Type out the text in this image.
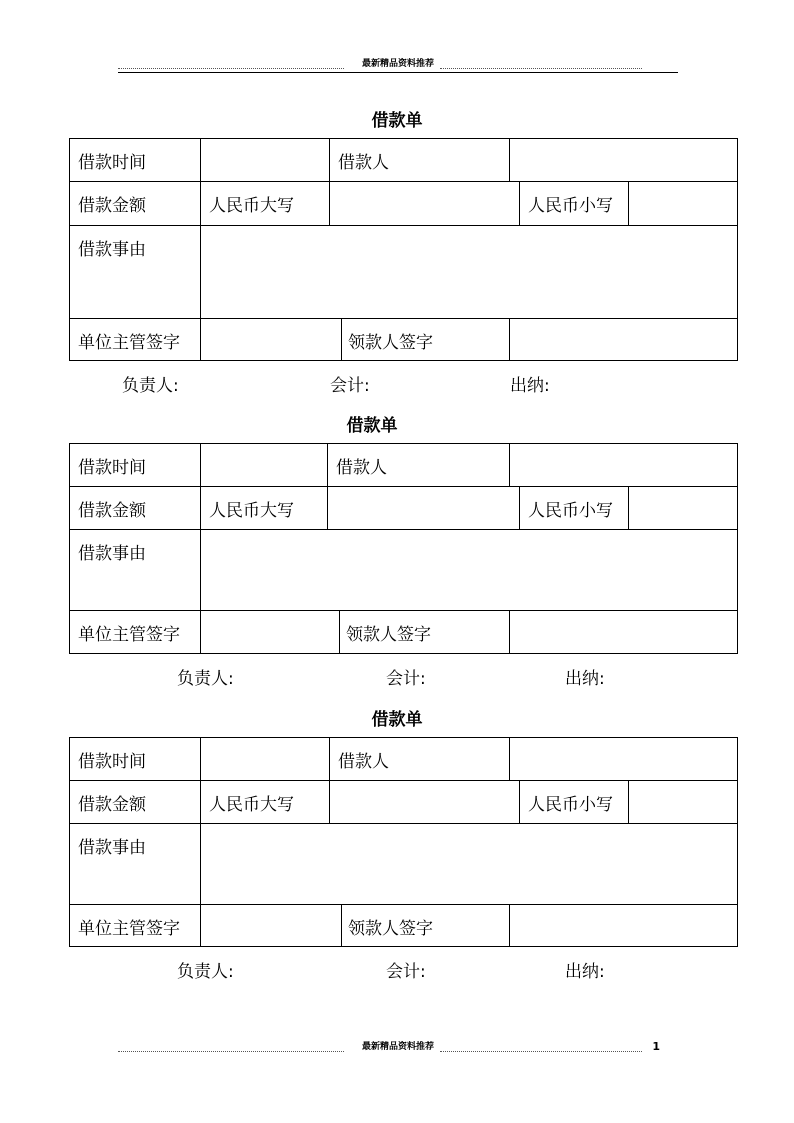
最新精品资料推荐
借款单
借款时间		借款人				
借款金额	人民币大写				人民币小写	
借款事由						
单位主管签字			领款人签字			
负责人:	会计:	出纳:
借款单
借款时间		借款人				
借款金额	人民币大写				人民币小写	
借款事由						
单位主管签字			领款人签字			
负责人:	会计:	出纳:
借款单
借款时间		借款人				
借款金额	人民币大写				人民币小写	
借款事由						
单位主管签字			领款人签字			
负责人:	会计:	出纳:
最新精品资料推荐	1
